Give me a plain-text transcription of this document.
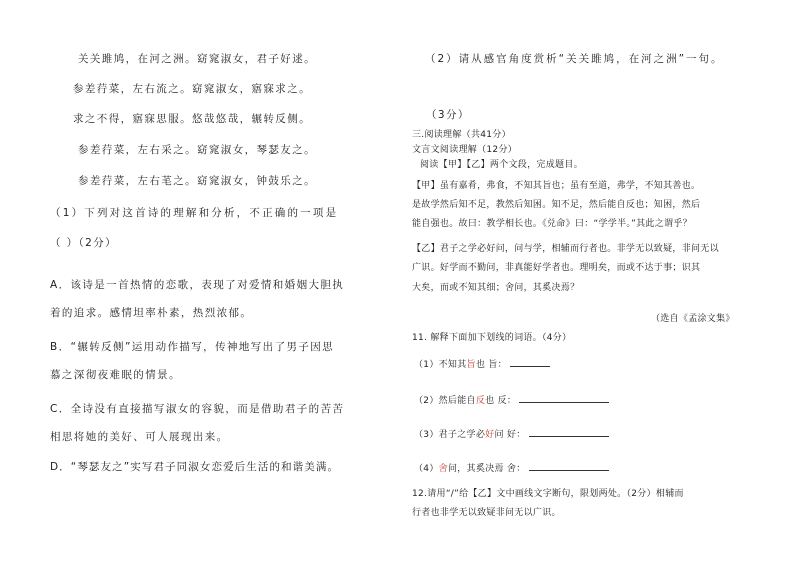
关关雎鸠，在河之洲。窈窕淑女，君子好逑。
参差荇菜，左右流之。窈窕淑女，寤寐求之。
求之不得，寤寐思服。悠哉悠哉，辗转反侧。
参差荇菜，左右采之。窈窕淑女，琴瑟友之。
参差荇菜，左右芼之。窈窕淑女，钟鼓乐之。
（1）下列对这首诗的理解和分析，不正确的一项是
（ ）（2分）
A．该诗是一首热情的恋歌，表现了对爱情和婚姻大胆执
着的追求。感情坦率朴素，热烈浓郁。
B．“辗转反侧”运用动作描写，传神地写出了男子因思
慕之深彻夜难眠的情景。
C．全诗没有直接描写淑女的容貌，而是借助君子的苦苦
相思将她的美好、可人展现出来。
D．“琴瑟友之”实写君子同淑女恋爱后生活的和谐美满。
（2）请从感官角度赏析“关关雎鸠，在河之洲”一句。
（3分）
三.阅读理解（共41分）
文言文阅读理解（12分）
阅读【甲】【乙】两个文段，完成题目。
【甲】虽有嘉肴，弗食，不知其旨也；虽有至道，弗学，不知其善也。
是故学然后知不足，教然后知困。知不足，然后能自反也；知困，然后
能自强也。故曰：教学相长也。《兑命》曰：“学学半。”其此之谓乎？
【乙】君子之学必好问，问与学，相辅而行者也。非学无以致疑，非问无以
广识。好学而不勤问，非真能好学者也。理明矣，而或不达于事；识其
大矣，而或不知其细；舍问，其奚决焉？
（选自《孟涂文集》
11. 解释下面加下划线的词语。（4分）
（1）不知其旨也 旨：
（2）然后能自反也 反：
（3）君子之学必好问 好：
（4）舍问，其奚决焉 舍：
12.请用“/”给【乙】文中画线文字断句，限划两处。（2分）相辅而
行者也非学无以致疑非问无以广识。
